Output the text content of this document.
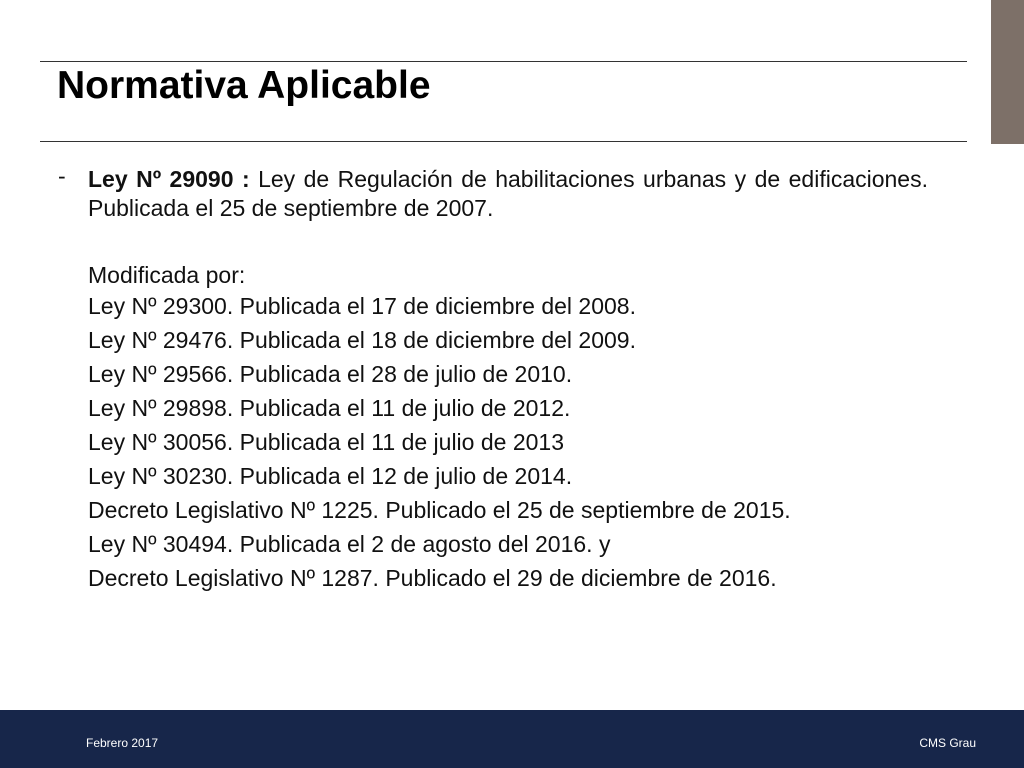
Normativa Aplicable
- Ley Nº 29090 : Ley de Regulación de habilitaciones urbanas y de edificaciones. Publicada el 25 de septiembre de 2007.
Modificada por:
Ley Nº 29300. Publicada el 17 de diciembre del 2008.
Ley Nº 29476. Publicada el 18 de diciembre del 2009.
Ley Nº 29566. Publicada el 28 de julio de 2010.
Ley Nº 29898. Publicada el 11 de julio de 2012.
Ley Nº 30056. Publicada el 11 de julio de 2013
Ley Nº 30230. Publicada el 12 de julio de 2014.
Decreto Legislativo Nº 1225. Publicado el 25 de septiembre de 2015.
Ley Nº 30494. Publicada el 2 de agosto del 2016. y
Decreto Legislativo Nº 1287. Publicado el 29 de diciembre de 2016.
Febrero 2017	CMS Grau
